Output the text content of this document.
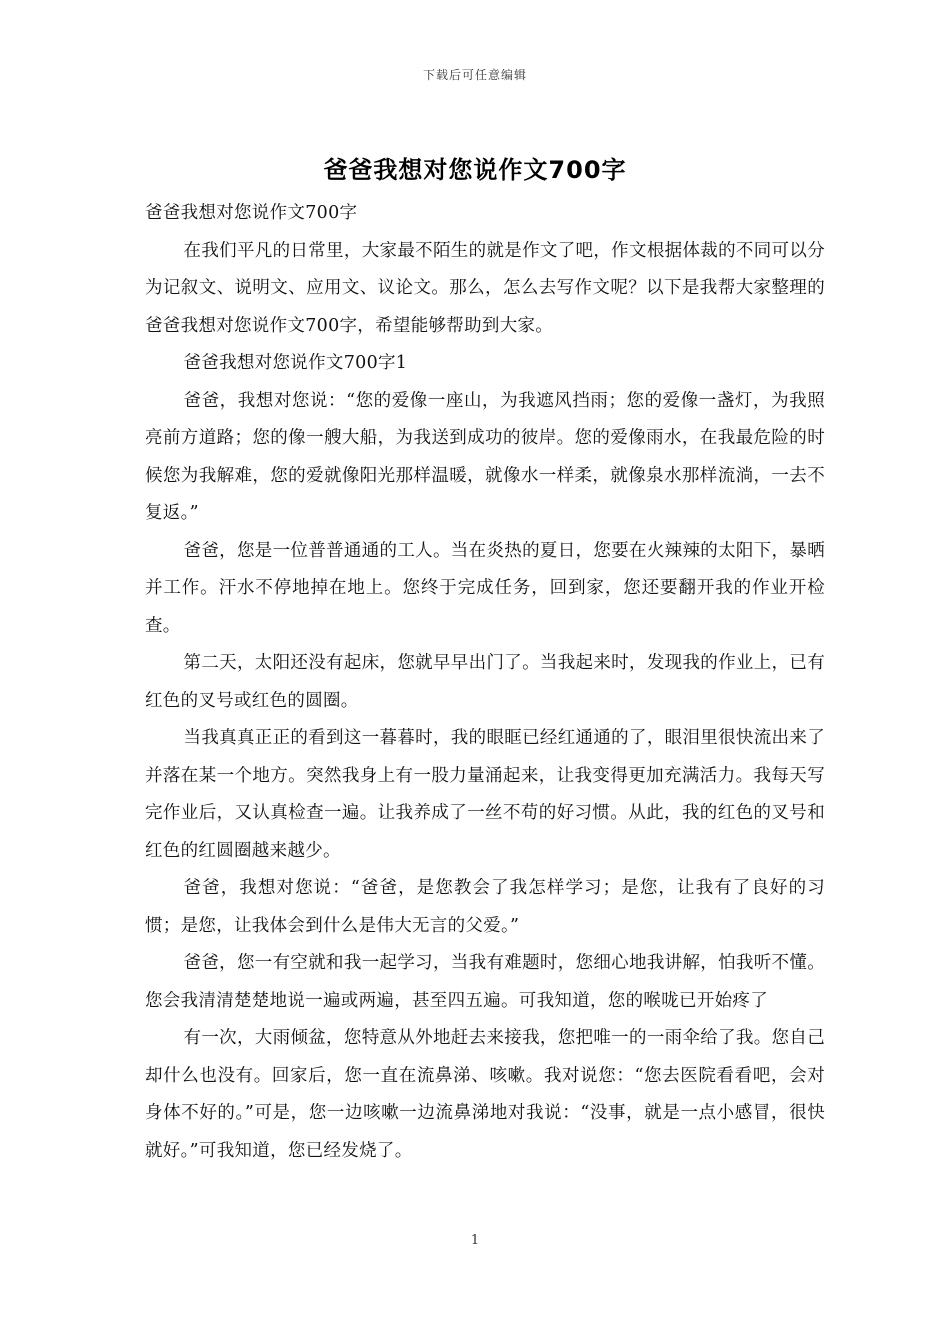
下载后可任意编辑
爸爸我想对您说作文700字

爸爸我想对您说作文700字

在我们平凡的日常里，大家最不陌生的就是作文了吧，作文根据体裁的不同可以分为记叙文、说明文、应用文、议论文。那么，怎么去写作文呢？以下是我帮大家整理的爸爸我想对您说作文700字，希望能够帮助到大家。

爸爸我想对您说作文700字1

爸爸，我想对您说：“您的爱像一座山，为我遮风挡雨；您的爱像一盏灯，为我照亮前方道路；您的像一艘大船，为我送到成功的彼岸。您的爱像雨水，在我最危险的时候您为我解难，您的爱就像阳光那样温暖，就像水一样柔，就像泉水那样流淌，一去不复返。”

爸爸，您是一位普普通通的工人。当在炎热的夏日，您要在火辣辣的太阳下，暴晒并工作。汗水不停地掉在地上。您终于完成任务，回到家，您还要翻开我的作业开检查。

第二天，太阳还没有起床，您就早早出门了。当我起来时，发现我的作业上，已有红色的叉号或红色的圆圈。

当我真真正正的看到这一暮暮时，我的眼眶已经红通通的了，眼泪里很快流出来了并落在某一个地方。突然我身上有一股力量涌起来，让我变得更加充满活力。我每天写完作业后，又认真检查一遍。让我养成了一丝不苟的好习惯。从此，我的红色的叉号和红色的红圆圈越来越少。

爸爸，我想对您说：“爸爸，是您教会了我怎样学习；是您，让我有了良好的习惯；是您，让我体会到什么是伟大无言的父爱。”

爸爸，您一有空就和我一起学习，当我有难题时，您细心地我讲解，怕我听不懂。您会我清清楚楚地说一遍或两遍，甚至四五遍。可我知道，您的喉咙已开始疼了

有一次，大雨倾盆，您特意从外地赶去来接我，您把唯一的一雨伞给了我。您自己却什么也没有。回家后，您一直在流鼻涕、咳嗽。我对说您：“您去医院看看吧，会对身体不好的。”可是，您一边咳嗽一边流鼻涕地对我说：“没事，就是一点小感冒，很快就好。”可我知道，您已经发烧了。

1
